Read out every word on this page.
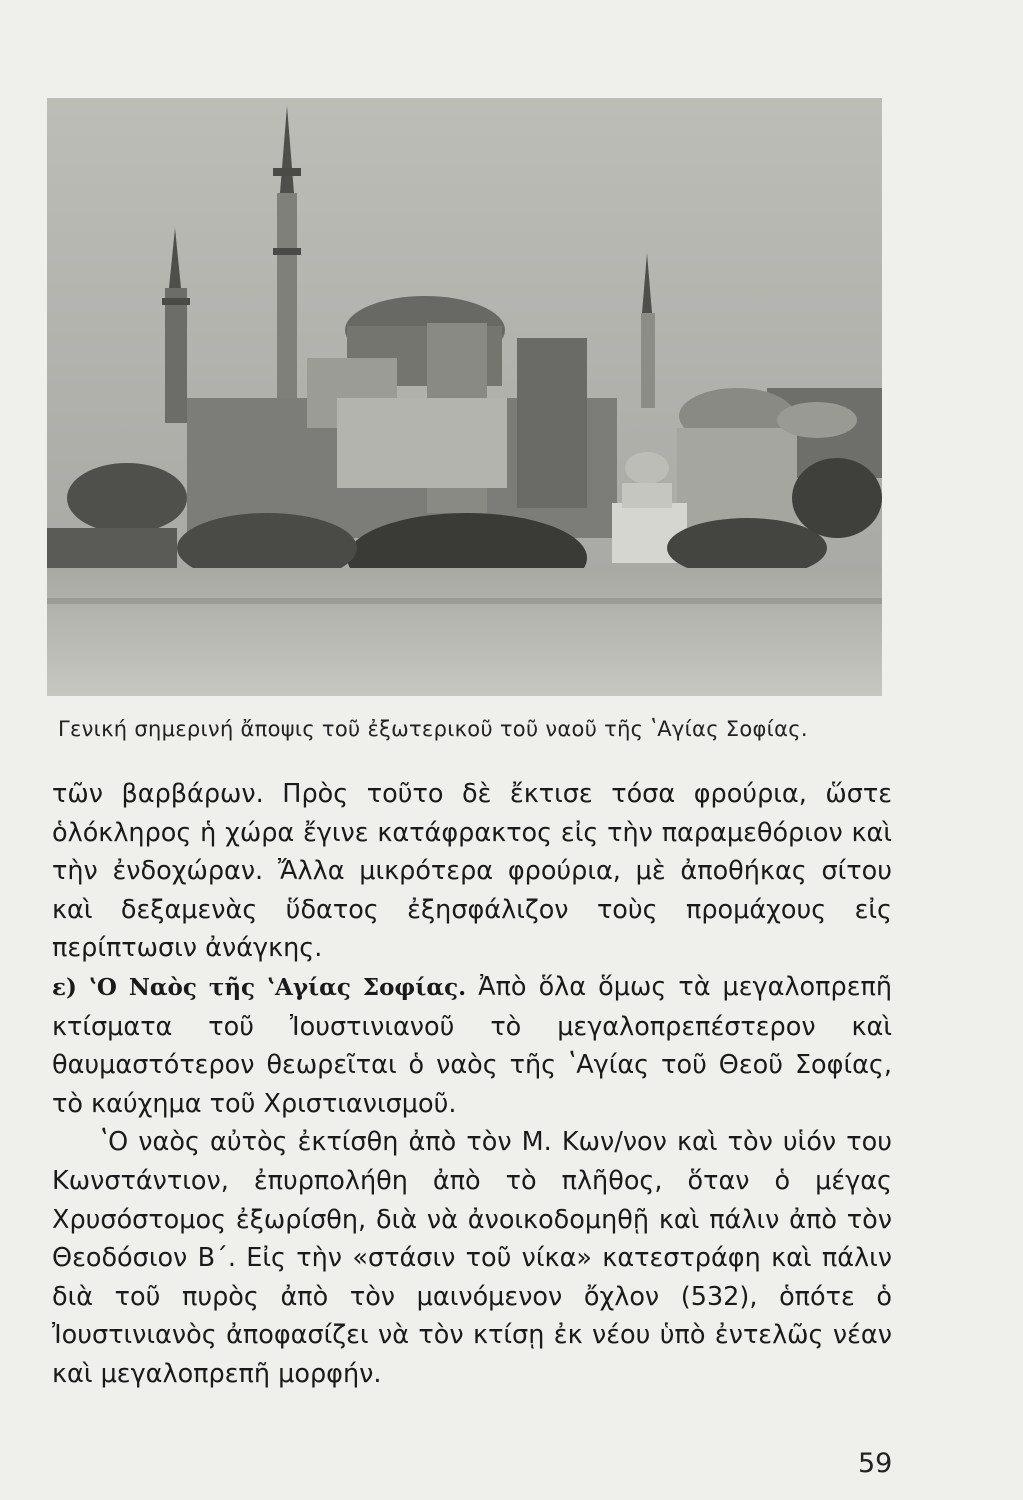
Γενική σημερινή ἄποψις τοῦ ἐξωτερικοῦ τοῦ ναοῦ τῆς ʽΑγίας Σοφίας.

τῶν βαρβάρων. Πρὸς τοῦτο δὲ ἔκτισε τόσα φρούρια, ὥστε ὁλόκληρος ἡ χώρα ἔγινε κατάφρακτος εἰς τὴν παραμεθόριον καὶ τὴν ἐνδοχώραν. Ἄλλα μικρότερα φρούρια, μὲ ἀποθήκας σίτου καὶ δεξαμενὰς ὕδατος ἐξησφάλιζον τοὺς προμάχους εἰς περίπτωσιν ἀνάγκης.

ε) ʽΟ Ναὸς τῆς ʽΑγίας Σοφίας. Ἀπὸ ὅλα ὅμως τὰ μεγαλοπρεπῆ κτίσματα τοῦ Ἰουστινιανοῦ τὸ μεγαλοπρεπέστερον καὶ θαυμαστότερον θεωρεῖται ὁ ναὸς τῆς ʽΑγίας τοῦ Θεοῦ Σοφίας, τὸ καύχημα τοῦ Χριστιανισμοῦ.

ʽΟ ναὸς αὐτὸς ἐκτίσθη ἀπὸ τὸν Μ. Κων/νον καὶ τὸν υἱόν του Κωνστάντιον, ἐπυρπολήθη ἀπὸ τὸ πλῆθος, ὅταν ὁ μέγας Χρυσόστομος ἐξωρίσθη, διὰ νὰ ἀνοικοδομηθῇ καὶ πάλιν ἀπὸ τὸν Θεοδόσιον Β΄. Εἰς τὴν «στάσιν τοῦ νίκα» κατεστράφη καὶ πάλιν διὰ τοῦ πυρὸς ἀπὸ τὸν μαινόμενον ὄχλον (532), ὁπότε ὁ Ἰουστινιανὸς ἀποφασίζει νὰ τὸν κτίσῃ ἐκ νέου ὑπὸ ἐντελῶς νέαν καὶ μεγαλοπρεπῆ μορφήν.

59
